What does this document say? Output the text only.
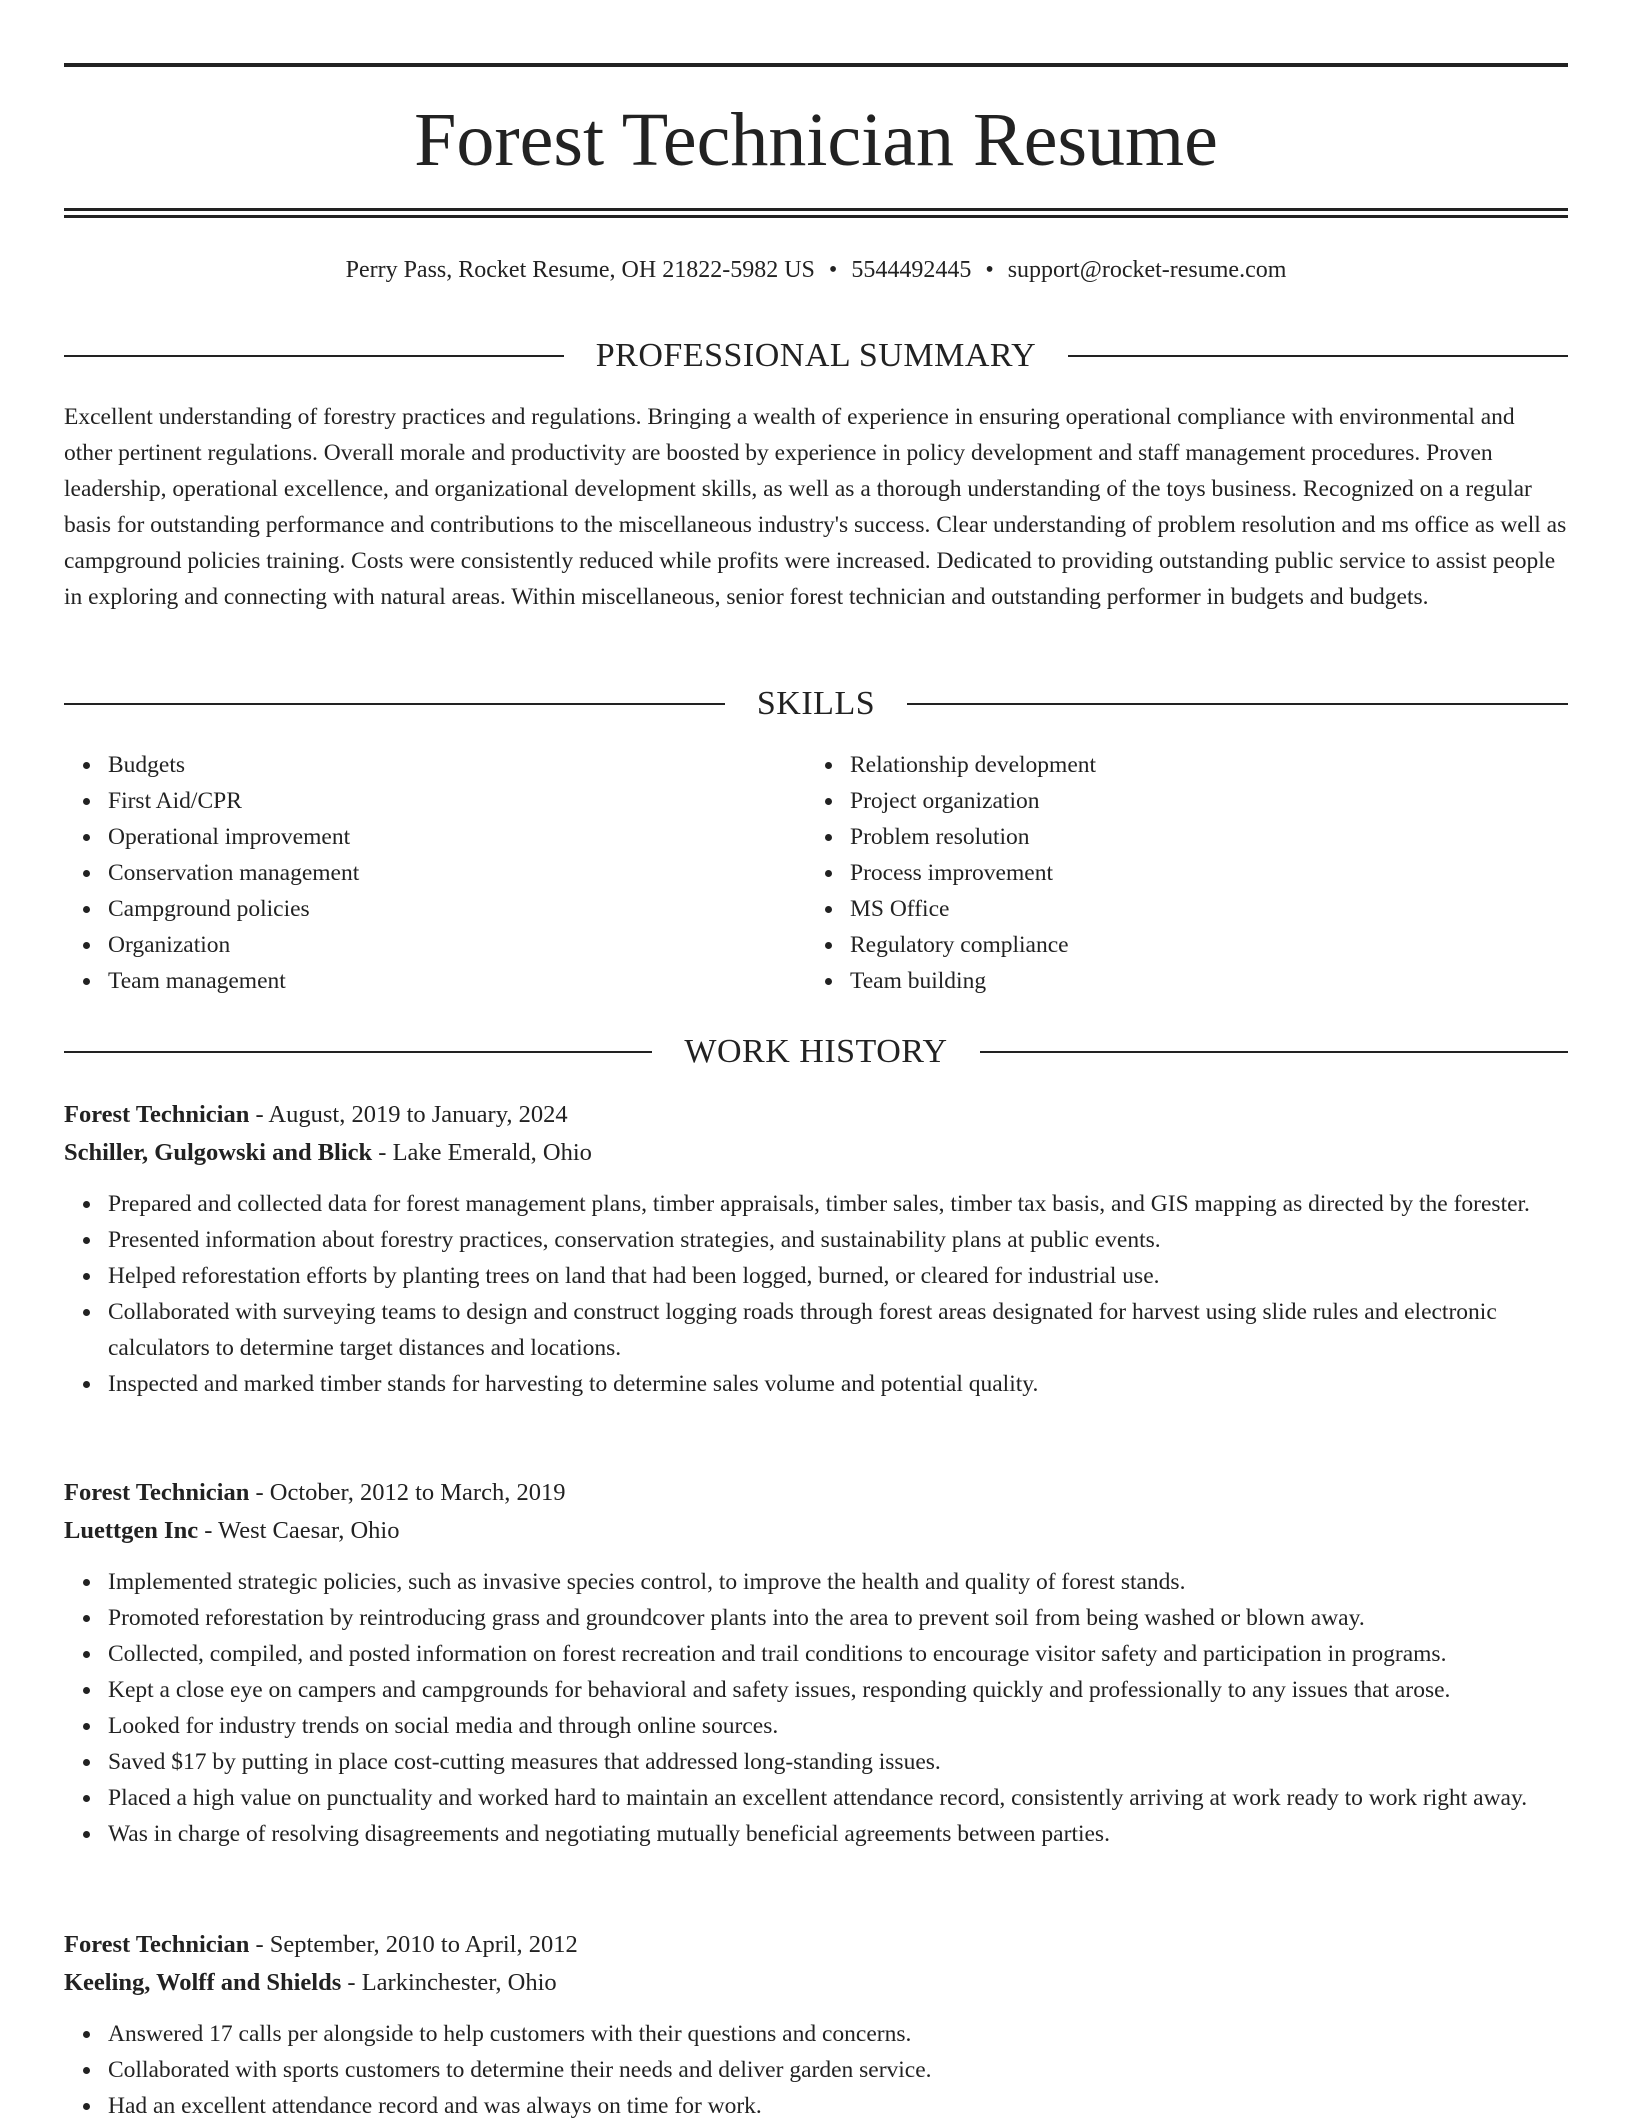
Forest Technician Resume
Perry Pass, Rocket Resume, OH 21822-5982 US • 5544492445 • support@rocket-resume.com
PROFESSIONAL SUMMARY

Excellent understanding of forestry practices and regulations. Bringing a wealth of experience in ensuring operational compliance with environmental and other pertinent regulations. Overall morale and productivity are boosted by experience in policy development and staff management procedures. Proven leadership, operational excellence, and organizational development skills, as well as a thorough understanding of the toys business. Recognized on a regular basis for outstanding performance and contributions to the miscellaneous industry's success. Clear understanding of problem resolution and ms office as well as campground policies training. Costs were consistently reduced while profits were increased. Dedicated to providing outstanding public service to assist people in exploring and connecting with natural areas. Within miscellaneous, senior forest technician and outstanding performer in budgets and budgets.

SKILLS
Budgets
First Aid/CPR
Operational improvement
Conservation management
Campground policies
Organization
Team management
Relationship development
Project organization
Problem resolution
Process improvement
MS Office
Regulatory compliance
Team building
WORK HISTORY
Forest Technician - August, 2019 to January, 2024
Schiller, Gulgowski and Blick - Lake Emerald, Ohio
Prepared and collected data for forest management plans, timber appraisals, timber sales, timber tax basis, and GIS mapping as directed by the forester.
Presented information about forestry practices, conservation strategies, and sustainability plans at public events.
Helped reforestation efforts by planting trees on land that had been logged, burned, or cleared for industrial use.
Collaborated with surveying teams to design and construct logging roads through forest areas designated for harvest using slide rules and electronic calculators to determine target distances and locations.
Inspected and marked timber stands for harvesting to determine sales volume and potential quality.
Forest Technician - October, 2012 to March, 2019
Luettgen Inc - West Caesar, Ohio
Implemented strategic policies, such as invasive species control, to improve the health and quality of forest stands.
Promoted reforestation by reintroducing grass and groundcover plants into the area to prevent soil from being washed or blown away.
Collected, compiled, and posted information on forest recreation and trail conditions to encourage visitor safety and participation in programs.
Kept a close eye on campers and campgrounds for behavioral and safety issues, responding quickly and professionally to any issues that arose.
Looked for industry trends on social media and through online sources.
Saved $17 by putting in place cost-cutting measures that addressed long-standing issues.
Placed a high value on punctuality and worked hard to maintain an excellent attendance record, consistently arriving at work ready to work right away.
Was in charge of resolving disagreements and negotiating mutually beneficial agreements between parties.
Forest Technician - September, 2010 to April, 2012
Keeling, Wolff and Shields - Larkinchester, Ohio
Answered 17 calls per alongside to help customers with their questions and concerns.
Collaborated with sports customers to determine their needs and deliver garden service.
Had an excellent attendance record and was always on time for work.
